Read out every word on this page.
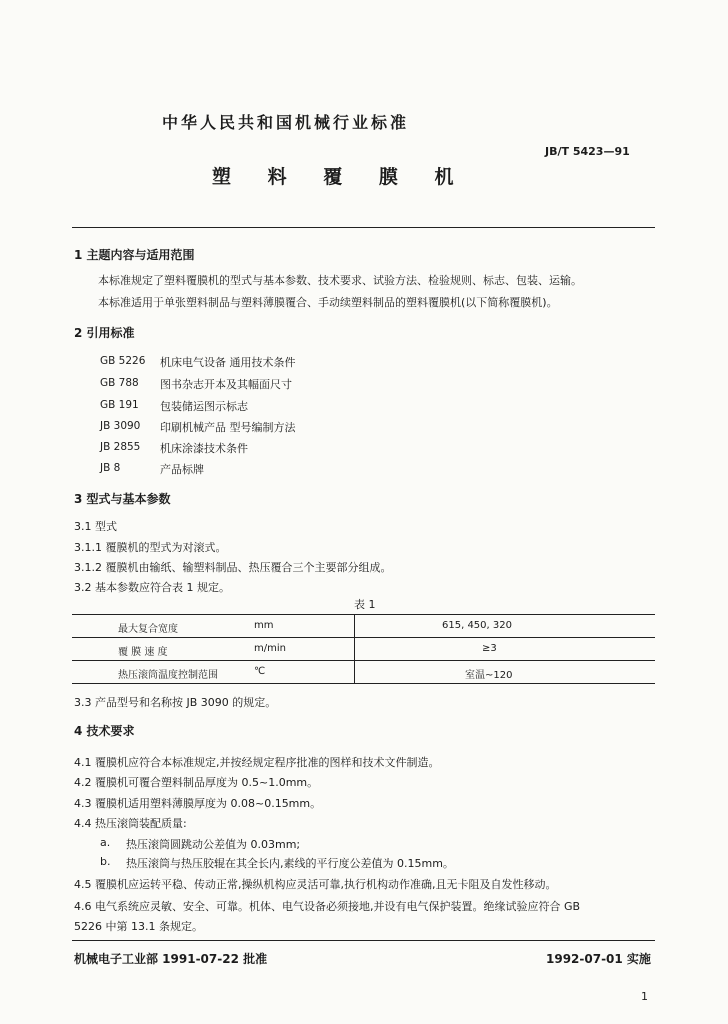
中华人民共和国机械行业标准
JB/T 5423—91
塑 料 覆 膜 机
1 主题内容与适用范围
本标准规定了塑料覆膜机的型式与基本参数、技术要求、试验方法、检验规则、标志、包装、运输。
本标准适用于单张塑料制品与塑料薄膜覆合、手动续塑料制品的塑料覆膜机(以下简称覆膜机)。
2 引用标准
GB 5226 机床电气设备 通用技术条件
GB 788 图书杂志开本及其幅面尺寸
GB 191 包装储运图示标志
JB 3090 印刷机械产品 型号编制方法
JB 2855 机床涂漆技术条件
JB 8	产品标牌
3 型式与基本参数
3.1 型式
3.1.1 覆膜机的型式为对滚式。
3.1.2 覆膜机由输纸、输塑料制品、热压覆合三个主要部分组成。
3.2 基本参数应符合表 1 规定。
表 1
最大复合宽度	mm	615, 450, 320
覆 膜 速 度	m/min	≥3
热压滚筒温度控制范围	℃	室温~120
3.3 产品型号和名称按 JB 3090 的规定。
4 技术要求
4.1 覆膜机应符合本标准规定,并按经规定程序批准的图样和技术文件制造。
4.2 覆膜机可覆合塑料制品厚度为 0.5~1.0mm。
4.3 覆膜机适用塑料薄膜厚度为 0.08~0.15mm。
4.4 热压滚筒装配质量:
a. 热压滚筒圆跳动公差值为 0.03mm;
b. 热压滚筒与热压胶辊在其全长内,素线的平行度公差值为 0.15mm。
4.5 覆膜机应运转平稳、传动正常,操纵机构应灵活可靠,执行机构动作准确,且无卡阻及自发性移动。
4.6 电气系统应灵敏、安全、可靠。机体、电气设备必须接地,并设有电气保护装置。绝缘试验应符合 GB
5226 中第 13.1 条规定。
机械电子工业部 1991-07-22 批准	1992-07-01 实施
1
